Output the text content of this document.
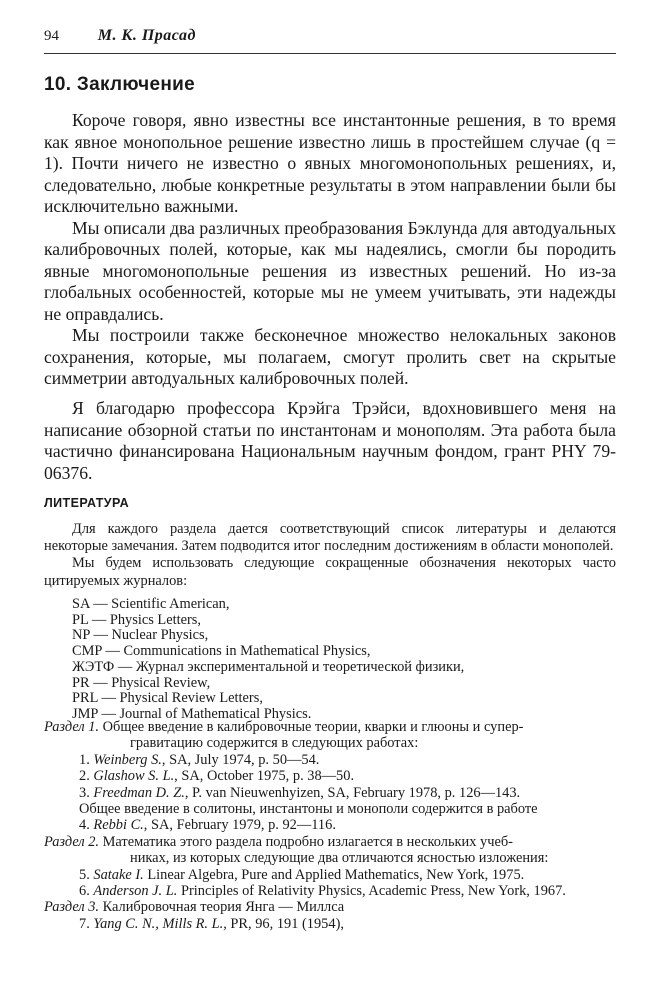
94 М. К. Прасад
10. Заключение

Короче говоря, явно известны все инстантонные решения, в то время как явное монопольное решение известно лишь в простейшем случае (q = 1). Почти ничего не известно о явных многомонопольных решениях, и, следовательно, любые конкретные результаты в этом направлении были бы исключительно важными.

Мы описали два различных преобразования Бэклунда для автодуальных калибровочных полей, которые, как мы надеялись, смогли бы породить явные многомонопольные решения из известных решений. Но из-за глобальных особенностей, которые мы не умеем учитывать, эти надежды не оправдались.

Мы построили также бесконечное множество нелокальных законов сохранения, которые, мы полагаем, смогут пролить свет на скрытые симметрии автодуальных калибровочных полей.

Я благодарю профессора Крэйга Трэйси, вдохновившего меня на написание обзорной статьи по инстантонам и монополям. Эта работа была частично финансирована Национальным научным фондом, грант PHY 79-06376.

ЛИТЕРАТУРА

Для каждого раздела дается соответствующий список литературы и делаются некоторые замечания. Затем подводится итог последним достижениям в области монополей.

Мы будем использовать следующие сокращенные обозначения некоторых часто цитируемых журналов:

SA — Scientific American,
PL — Physics Letters,
NP — Nuclear Physics,
CMP — Communications in Mathematical Physics,
ЖЭТФ — Журнал экспериментальной и теоретической физики,
PR — Physical Review,
PRL — Physical Review Letters,
JMP — Journal of Mathematical Physics.
Раздел 1. Общее введение в калибровочные теории, кварки и глюоны и супер-
гравитацию содержится в следующих работах:
1. Weinberg S., SA, July 1974, p. 50—54.
2. Glashow S. L., SA, October 1975, p. 38—50.
3. Freedman D. Z., P. van Nieuwenhyizen, SA, February 1978, p. 126—143.
Общее введение в солитоны, инстантоны и монополи содержится в работе
4. Rebbi C., SA, February 1979, p. 92—116.
Раздел 2. Математика этого раздела подробно излагается в нескольких учеб-
никах, из которых следующие два отличаются ясностью изложения:
5. Satake I. Linear Algebra, Pure and Applied Mathematics, New York, 1975.
6. Anderson J. L. Principles of Relativity Physics, Academic Press, New York, 1967.
Раздел 3. Калибровочная теория Янга — Миллса
7. Yang C. N., Mills R. L., PR, 96, 191 (1954),
